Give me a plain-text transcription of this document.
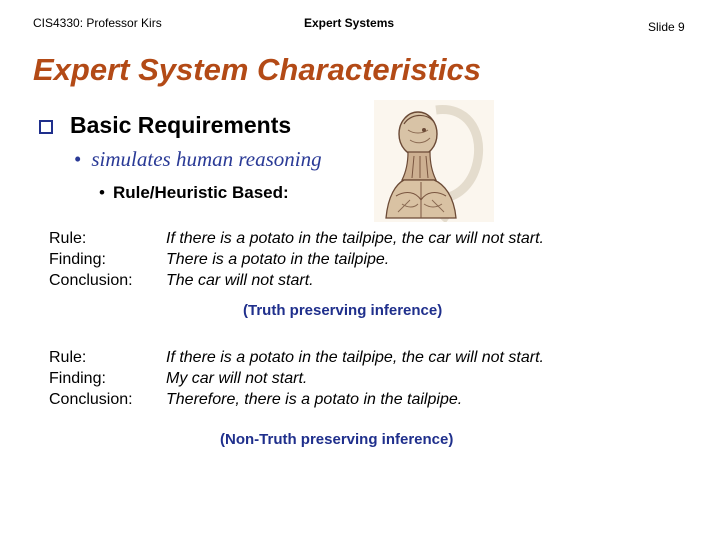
CIS4330: Professor Kirs	Expert Systems	Slide 9
Expert System Characteristics
Basic Requirements
• simulates human reasoning
• Rule/Heuristic Based:
Rule:	If there is a potato in the tailpipe, the car will not start.
Finding:	There is a potato in the tailpipe.
Conclusion: The car will not start.
(Truth preserving inference)
Rule:	If there is a potato in the tailpipe, the car will not start.
Finding:	My car will not start.
Conclusion: Therefore, there is a potato in the tailpipe.
(Non-Truth preserving inference)
